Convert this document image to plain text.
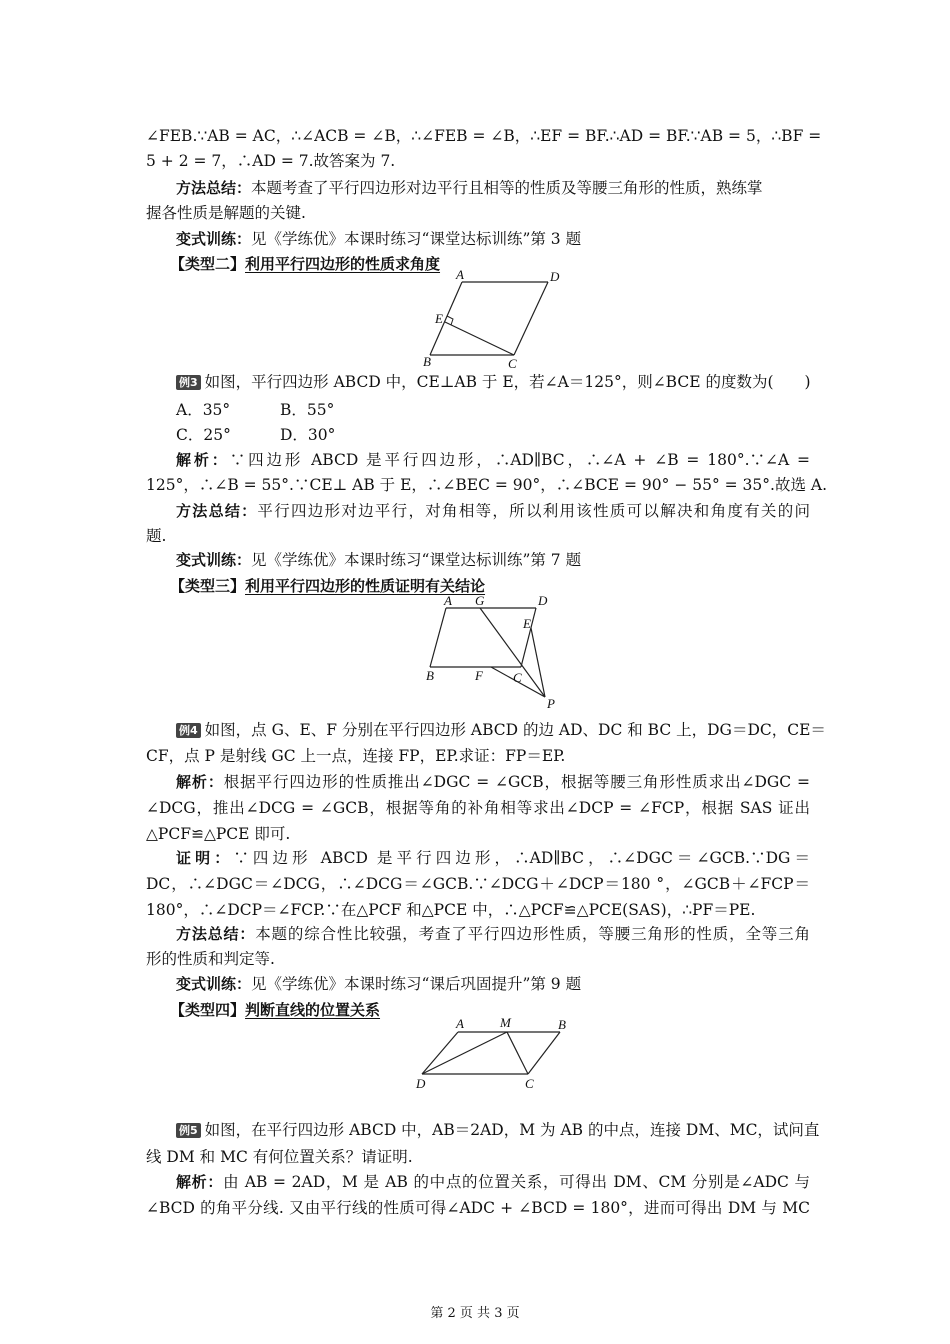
∠FEB.∵AB = AC，∴∠ACB = ∠B，∴∠FEB = ∠B，∴EF = BF.∴AD = BF.∵AB = 5，∴BF =
5 + 2 = 7，∴AD = 7.故答案为 7.
方法总结：本题考查了平行四边形对边平行且相等的性质及等腰三角形的性质，熟练掌
握各性质是解题的关键.
变式训练：见《学练优》本课时练习“课堂达标训练”第 3 题
【类型二】利用平行四边形的性质求角度
A	D
E
B	C
例3 如图，平行四边形 ABCD 中，CE⊥AB 于 E，若∠A＝125°，则∠BCE 的度数为(　　)
A．35°	B．55°
C．25°	D．30°
解析：∵四边形 ABCD 是平行四边形，∴AD∥BC，∴∠A + ∠B = 180°.∵∠A =
125°，∴∠B = 55°.∵CE⊥ AB 于 E，∴∠BEC = 90°，∴∠BCE = 90° − 55° = 35°.故选 A.
方法总结：平行四边形对边平行，对角相等，所以利用该性质可以解决和角度有关的问
题.
变式训练：见《学练优》本课时练习“课堂达标训练”第 7 题
【类型三】利用平行四边形的性质证明有关结论
A G	D
E
B	F C
P
例4 如图，点 G、E、F 分别在平行四边形 ABCD 的边 AD、DC 和 BC 上，DG＝DC，CE＝
CF，点 P 是射线 GC 上一点，连接 FP，EP.求证：FP＝EP.
解析：根据平行四边形的性质推出∠DGC = ∠GCB，根据等腰三角形性质求出∠DGC =
∠DCG，推出∠DCG = ∠GCB，根据等角的补角相等求出∠DCP = ∠FCP，根据 SAS 证出
△PCF≌△PCE 即可.
证明：∵四边形 ABCD 是平行四边形，∴AD∥BC，∴∠DGC＝∠GCB.∵DG＝
DC，∴∠DGC＝∠DCG，∴∠DCG＝∠GCB.∵∠DCG＋∠DCP＝180 °，∠GCB＋∠FCP＝
180°，∴∠DCP＝∠FCP.∵在△PCF 和△PCE 中，∴△PCF≌△PCE(SAS)，∴PF＝PE.
方法总结：本题的综合性比较强，考查了平行四边形性质，等腰三角形的性质，全等三角
形的性质和判定等.
变式训练：见《学练优》本课时练习“课后巩固提升”第 9 题
【类型四】判断直线的位置关系
A	M	B
D	C
例5 如图，在平行四边形 ABCD 中，AB＝2AD，M 为 AB 的中点，连接 DM、MC，试问直
线 DM 和 MC 有何位置关系？请证明.
解析：由 AB = 2AD，M 是 AB 的中点的位置关系，可得出 DM、CM 分别是∠ADC 与
∠BCD 的角平分线. 又由平行线的性质可得∠ADC + ∠BCD = 180°，进而可得出 DM 与 MC
第 2 页 共 3 页
